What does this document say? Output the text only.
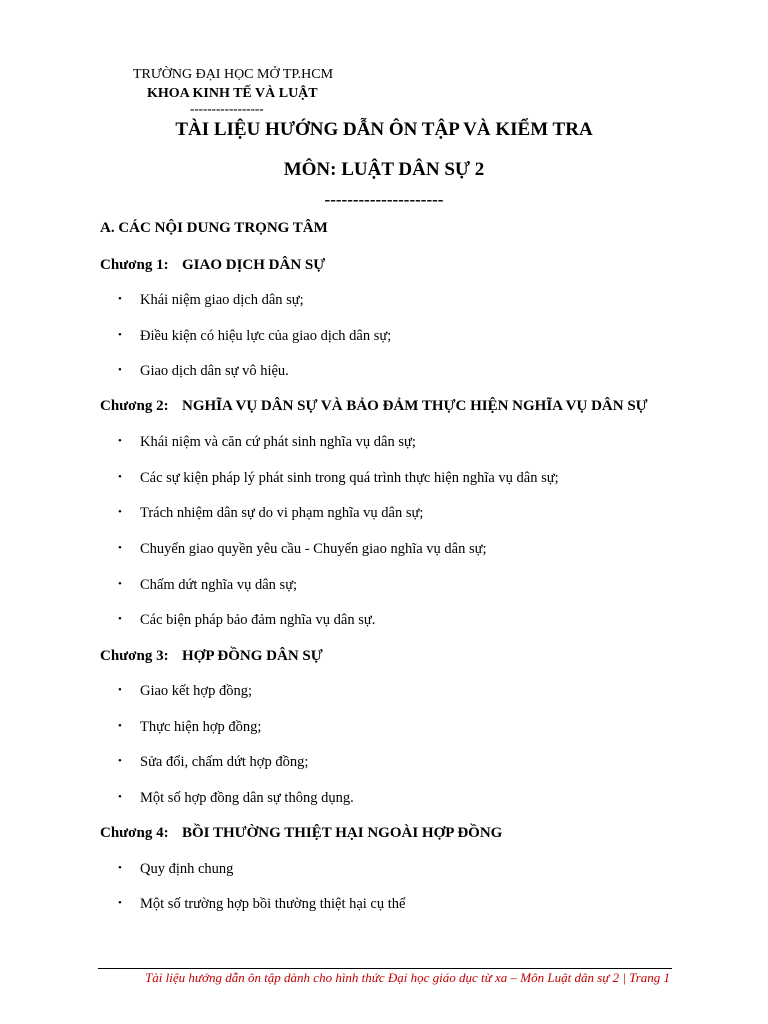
TRƯỜNG ĐẠI HỌC MỞ TP.HCM
KHOA KINH TẾ VÀ LUẬT
-----------------
TÀI LIỆU HƯỚNG DẪN ÔN TẬP VÀ KIỂM TRA
MÔN: LUẬT DÂN SỰ 2
---------------------
A. CÁC NỘI DUNG TRỌNG TÂM
Chương 1: GIAO DỊCH DÂN SỰ
• Khái niệm giao dịch dân sự;
• Điều kiện có hiệu lực của giao dịch dân sự;
• Giao dịch dân sự vô hiệu.
Chương 2: NGHĨA VỤ DÂN SỰ VÀ BẢO ĐẢM THỰC HIỆN NGHĨA VỤ DÂN SỰ
• Khái niệm và căn cứ phát sinh nghĩa vụ dân sự;
• Các sự kiện pháp lý phát sinh trong quá trình thực hiện nghĩa vụ dân sự;
• Trách nhiệm dân sự do vi phạm nghĩa vụ dân sự;
• Chuyển giao quyền yêu cầu - Chuyển giao nghĩa vụ dân sự;
• Chấm dứt nghĩa vụ dân sự;
• Các biện pháp bảo đảm nghĩa vụ dân sự.
Chương 3: HỢP ĐỒNG DÂN SỰ
• Giao kết hợp đồng;
• Thực hiện hợp đồng;
• Sửa đổi, chấm dứt hợp đồng;
• Một số hợp đồng dân sự thông dụng.
Chương 4: BỒI THƯỜNG THIỆT HẠI NGOÀI HỢP ĐỒNG
• Quy định chung
• Một số trường hợp bồi thường thiệt hại cụ thể
Tài liệu hướng dẫn ôn tập dành cho hình thức Đại học giáo dục từ xa – Môn Luật dân sự 2 | Trang 1
